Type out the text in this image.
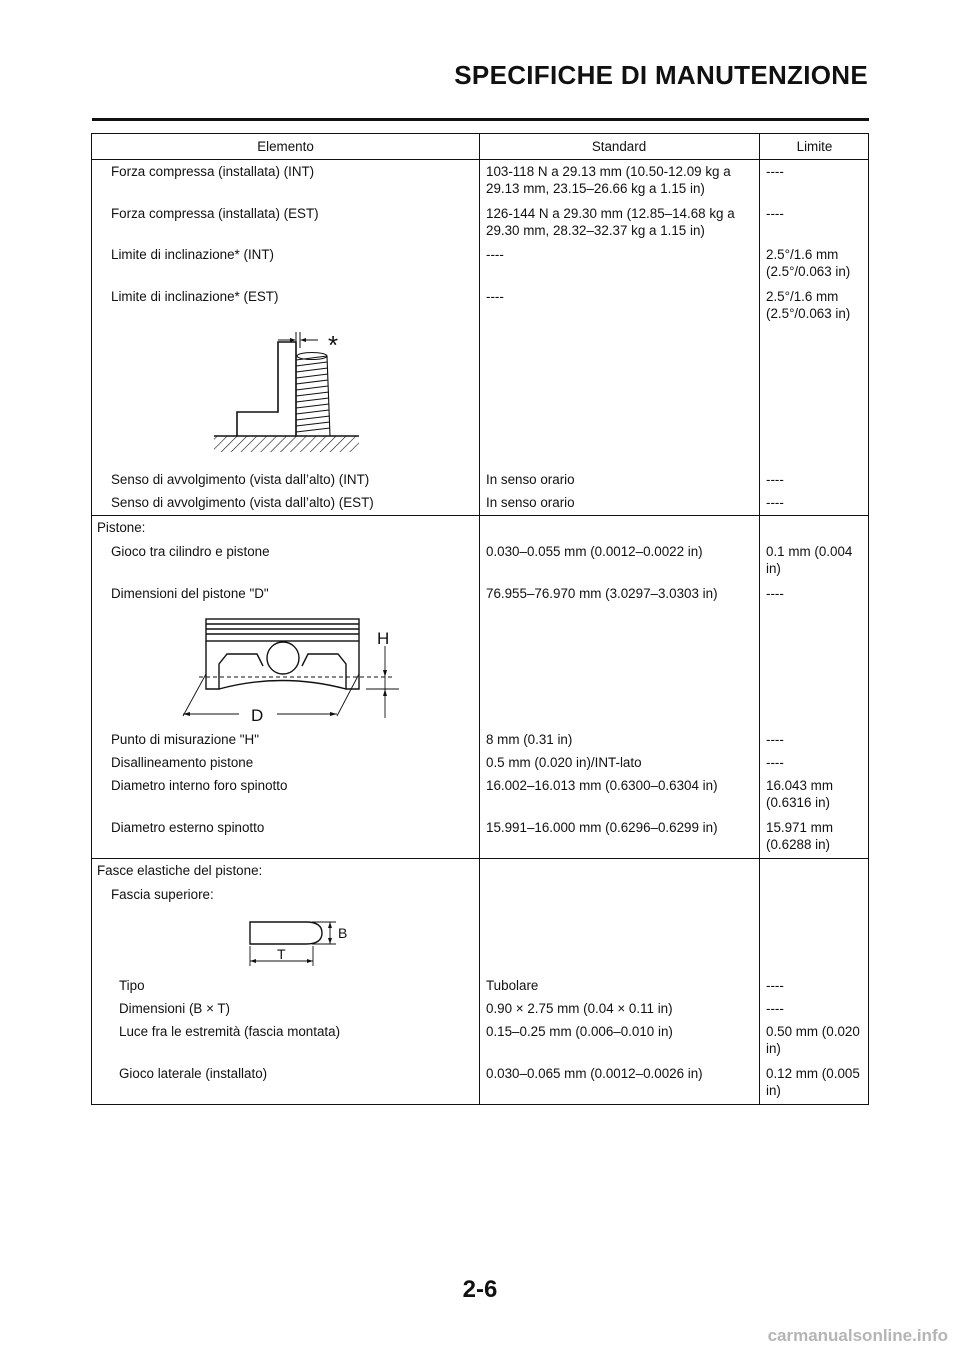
SPECIFICHE DI MANUTENZIONE
Elemento	Standard	Limite
Forza compressa (installata) (INT)	103-118 N a 29.13 mm (10.50-12.09 kg a
29.13 mm, 23.15–26.66 kg a 1.15 in)
----
Forza compressa (installata) (EST)	126-144 N a 29.30 mm (12.85–14.68 kg a
29.30 mm, 28.32–32.37 kg a 1.15 in)
----
Limite di inclinazione* (INT)	----	2.5°/1.6 mm
(2.5°/0.063 in)
Limite di inclinazione* (EST)	----	2.5°/1.6 mm
(2.5°/0.063 in)
*
Senso di avvolgimento (vista dall’alto) (INT)	In senso orario	----
Senso di avvolgimento (vista dall’alto) (EST)	In senso orario	----
Pistone:
Gioco tra cilindro e pistone	0.030–0.055 mm (0.0012–0.0022 in)	0.1 mm (0.004
in)
Dimensioni del pistone "D"	76.955–76.970 mm (3.0297–3.0303 in)	----
H
D
Punto di misurazione "H"	8 mm (0.31 in)	----
Disallineamento pistone	0.5 mm (0.020 in)/INT-lato	----
Diametro interno foro spinotto	16.002–16.013 mm (0.6300–0.6304 in)	16.043 mm
(0.6316 in)
Diametro esterno spinotto	15.991–16.000 mm (0.6296–0.6299 in)	15.971 mm
(0.6288 in)
Fasce elastiche del pistone:
Fascia superiore:
B
T
Tipo	Tubolare	----
Dimensioni (B × T)	0.90 × 2.75 mm (0.04 × 0.11 in)	----
Luce fra le estremità (fascia montata)	0.15–0.25 mm (0.006–0.010 in)	0.50 mm (0.020
in)
Gioco laterale (installato)	0.030–0.065 mm (0.0012–0.0026 in)	0.12 mm (0.005
in)
2-6
carmanualsonline.info
